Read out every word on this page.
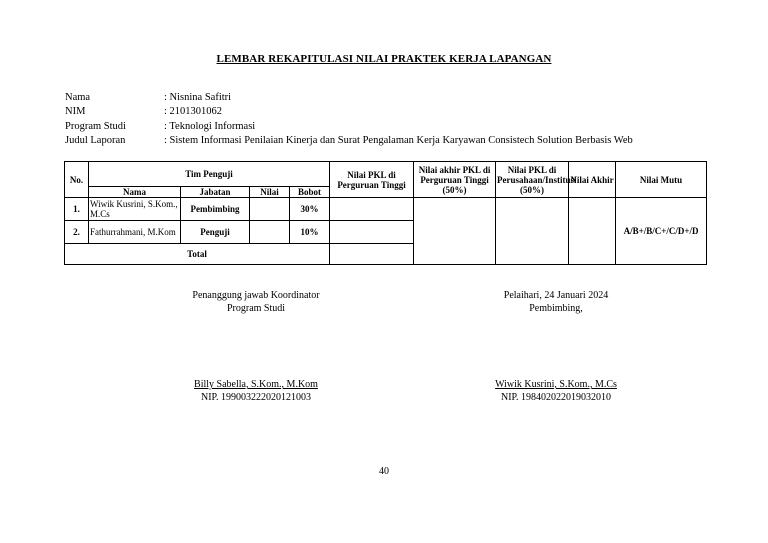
LEMBAR REKAPITULASI NILAI PRAKTEK KERJA LAPANGAN
Nama	: Nisnina Safitri
NIM	: 2101301062
Program Studi	: Teknologi Informasi
Judul Laporan	: Sistem Informasi Penilaian Kinerja dan Surat Pengalaman Kerja Karyawan Consistech Solution Berbasis Web
No.	Tim Penguji				Nilai PKL di Perguruan Tinggi	Nilai akhir PKL di Perguruan Tinggi (50%)	Nilai PKL di Perusahaan/Institusi (50%)	Nilai Akhir	Nilai Mutu
	Nama	Jabatan	Nilai	Bobot					
1.	Wiwik Kusrini, S.Kom., M.Cs	Pembimbing		30%					A/B+/B/C+/C/D+/D
2.	Fathurrahmani, M.Kom	Penguji		10%					
Total									
Penanggung jawab Koordinator
Program Studi
Billy Sabella, S.Kom., M.Kom
NIP. 199003222020121003
Pelaihari, 24 Januari 2024
Pembimbing,
Wiwik Kusrini, S.Kom., M.Cs
NIP. 198402022019032010
40
